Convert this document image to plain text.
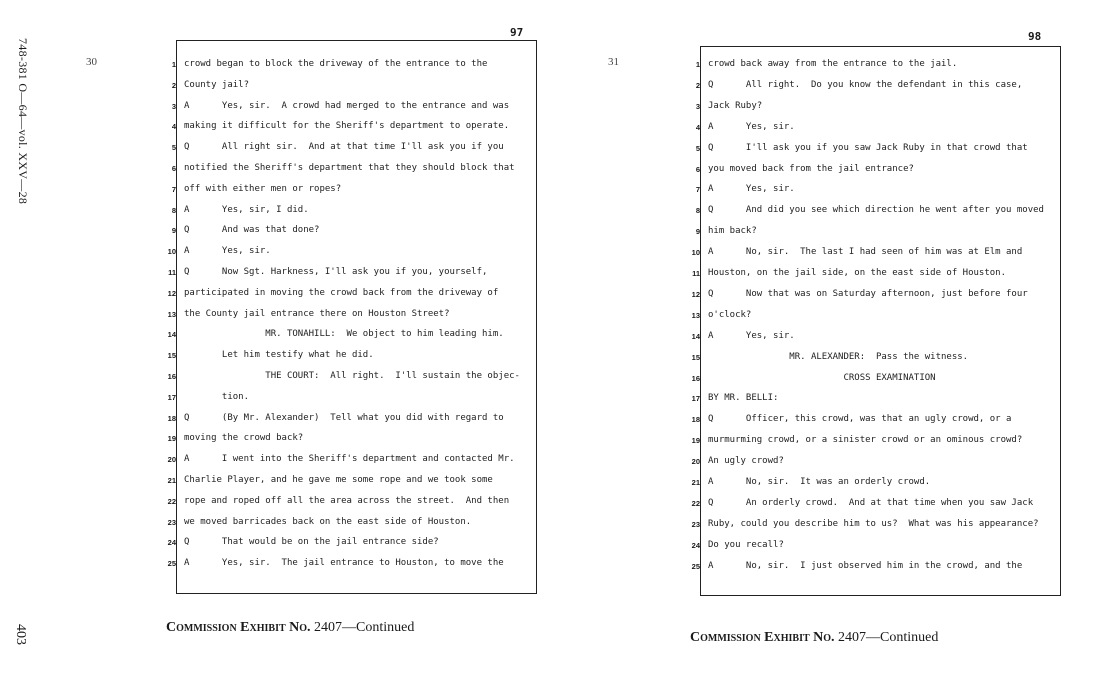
748-381 O—64—vol. XXV—28
403
30	31
97
1 crowd began to block the driveway of the entrance to the
2 County jail?
3 A      Yes, sir.  A crowd had merged to the entrance and was
4 making it difficult for the Sheriff's department to operate.
5 Q      All right sir.  And at that time I'll ask you if you
6 notified the Sheriff's department that they should block that
7 off with either men or ropes?
8 A      Yes, sir, I did.
9 Q      And was that done?
10 A      Yes, sir.
11 Q      Now Sgt. Harkness, I'll ask you if you, yourself,
12 participated in moving the crowd back from the driveway of
13 the County jail entrance there on Houston Street?
14 MR. TONAHILL:  We object to him leading him.
15 Let him testify what he did.
16 THE COURT:  All right.  I'll sustain the objec-
17 tion.
18 Q      (By Mr. Alexander)  Tell what you did with regard to
19 moving the crowd back?
20 A      I went into the Sheriff's department and contacted Mr.
21 Charlie Player, and he gave me some rope and we took some
22 rope and roped off all the area across the street.  And then
23 we moved barricades back on the east side of Houston.
24 Q      That would be on the jail entrance side?
25 A      Yes, sir.  The jail entrance to Houston, to move the
Commission Exhibit No. 2407—Continued
98
1 crowd back away from the entrance to the jail.
2 Q      All right.  Do you know the defendant in this case,
3 Jack Ruby?
4 A      Yes, sir.
5 Q      I'll ask you if you saw Jack Ruby in that crowd that
6 you moved back from the jail entrance?
7 A      Yes, sir.
8 Q      And did you see which direction he went after you moved
9 him back?
10 A      No, sir.  The last I had seen of him was at Elm and
11 Houston, on the jail side, on the east side of Houston.
12 Q      Now that was on Saturday afternoon, just before four
13 o'clock?
14 A      Yes, sir.
15 MR. ALEXANDER:  Pass the witness.
16 CROSS EXAMINATION
17 BY MR. BELLI:
18 Q      Officer, this crowd, was that an ugly crowd, or a
19 murmurming crowd, or a sinister crowd or an ominous crowd?
20 An ugly crowd?
21 A      No, sir.  It was an orderly crowd.
22 Q      An orderly crowd.  And at that time when you saw Jack
23 Ruby, could you describe him to us?  What was his appearance?
24 Do you recall?
25 A      No, sir.  I just observed him in the crowd, and the
Commission Exhibit No. 2407—Continued
